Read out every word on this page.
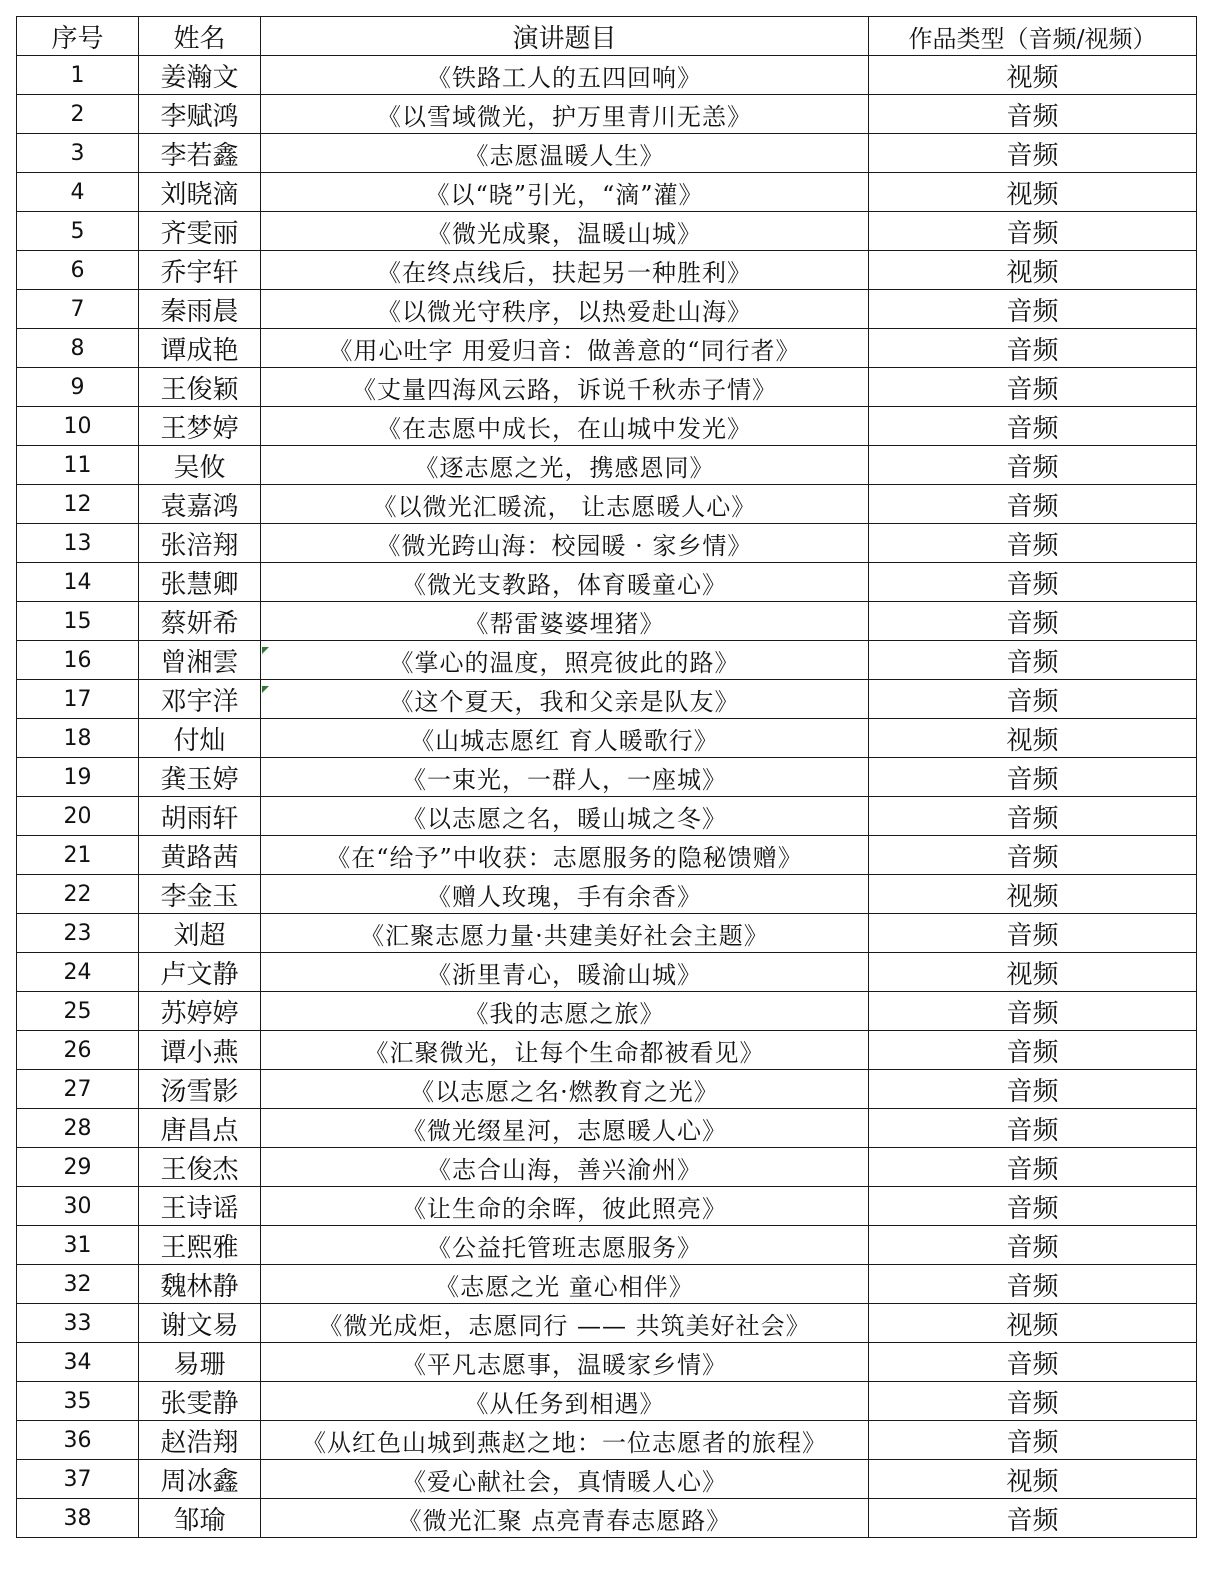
序号	姓名	演讲题目	作品类型（音频/视频）
1	姜瀚文	《铁路工人的五四回响》	视频
2	李赋鸿	《以雪域微光，护万里青川无恙》	音频
3	李若鑫	《志愿温暖人生》	音频
4	刘晓滴	《以“晓”引光，“滴”灌》	视频
5	齐雯丽	《微光成聚，温暖山城》	音频
6	乔宇轩	《在终点线后，扶起另一种胜利》	视频
7	秦雨晨	《以微光守秩序，以热爱赴山海》	音频
8	谭成艳	《用心吐字 用爱归音：做善意的“同行者》	音频
9	王俊颖	《丈量四海风云路，诉说千秋赤子情》	音频
10	王梦婷	《在志愿中成长，在山城中发光》	音频
11	吴攸	《逐志愿之光，携感恩同》	音频
12	袁嘉鸿	《以微光汇暖流， 让志愿暖人心》	音频
13	张涪翔	《微光跨山海：校园暖 · 家乡情》	音频
14	张慧卿	《微光支教路，体育暖童心》	音频
15	蔡妍希	《帮雷婆婆埋猪》	音频
16	曾湘雲	《掌心的温度，照亮彼此的路》	音频
17	邓宇洋	《这个夏天，我和父亲是队友》	音频
18	付灿	《山城志愿红 育人暖歌行》	视频
19	龚玉婷	《一束光，一群人，一座城》	音频
20	胡雨轩	《以志愿之名，暖山城之冬》	音频
21	黄路茜	《在“给予”中收获：志愿服务的隐秘馈赠》	音频
22	李金玉	《赠人玫瑰，手有余香》	视频
23	刘超	《汇聚志愿力量·共建美好社会主题》	音频
24	卢文静	《浙里青心，暖渝山城》	视频
25	苏婷婷	《我的志愿之旅》	音频
26	谭小燕	《汇聚微光，让每个生命都被看见》	音频
27	汤雪影	《以志愿之名·燃教育之光》	音频
28	唐昌点	《微光缀星河，志愿暖人心》	音频
29	王俊杰	《志合山海，善兴渝州》	音频
30	王诗谣	《让生命的余晖，彼此照亮》	音频
31	王熙雅	《公益托管班志愿服务》	音频
32	魏林静	《志愿之光 童心相伴》	音频
33	谢文易	《微光成炬，志愿同行 —— 共筑美好社会》	视频
34	易珊	《平凡志愿事，温暖家乡情》	音频
35	张雯静	《从任务到相遇》	音频
36	赵浩翔	《从红色山城到燕赵之地：一位志愿者的旅程》	音频
37	周冰鑫	《爱心献社会，真情暖人心》	视频
38	邹瑜	《微光汇聚 点亮青春志愿路》	音频
